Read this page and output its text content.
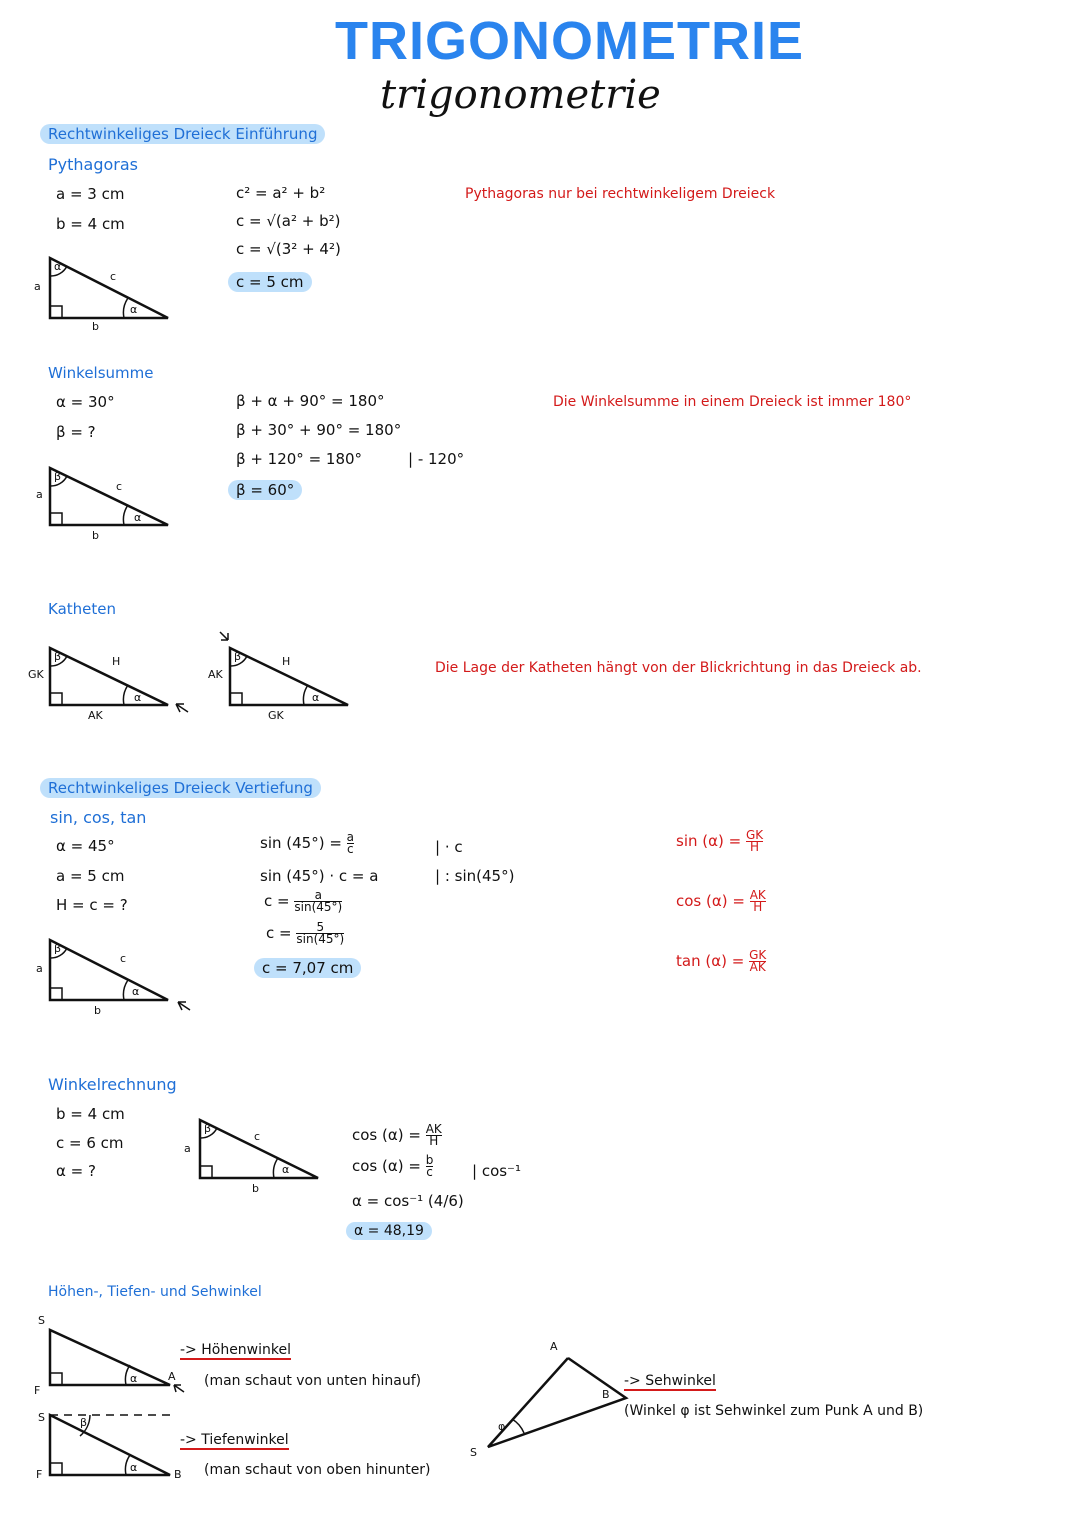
TRIGONOMETRIE
trigonometrie
Rechtwinkeliges Dreieck Einführung
Pythagoras
a = 3 cm
b = 4 cm
c² = a² + b²
c = √(a² + b²)
c = √(3² + 4²)
c = 5 cm
Pythagoras nur bei rechtwinkeligem Dreieck
a
b
c
α
α
Winkelsumme
α = 30°
β = ?
β + α + 90° = 180°
β + 30° + 90° = 180°
β + 120° = 180°	| - 120°
β = 60°
Die Winkelsumme in einem Dreieck ist immer 180°
a
b
c
β
α
Katheten
GK
AK
H
β
α
AK
GK
H
β
α
Die Lage der Katheten hängt von der Blickrichtung in das Dreieck ab.
Rechtwinkeliges Dreieck Vertiefung
sin, cos, tan
α = 45°
a = 5 cm
H = c = ?
$\sin (45^\circ) = \frac{a}{c}$	| · c
sin (45°) · c = a	| : sin(45°)
$c = \frac{a}{\sin(45^\circ)}$
$c = \frac{5}{\sin(45^\circ)}$
c = 7,07 cm
$\sin (\alpha) = \frac{GK}{H}$
$\cos (\alpha) = \frac{AK}{H}$
$\tan (\alpha) = \frac{GK}{AK}$
a
b
c
β
α
Winkelrechnung
b = 4 cm
c = 6 cm
α = ?
a
b
c
β
α
$\cos (\alpha) = \frac{AK}{H}$
$\cos (\alpha) = \frac{b}{c}$	| cos⁻¹
α = cos⁻¹ (4/6)
α = 48,19
Höhen-, Tiefen- und Sehwinkel
S
F
A
α
-> Höhenwinkel
(man schaut von unten hinauf)
S
F	B
α
β
-> Tiefenwinkel
(man schaut von oben hinunter)
A
B
S
φ
-> Sehwinkel
(Winkel φ ist Sehwinkel zum Punk A und B)
